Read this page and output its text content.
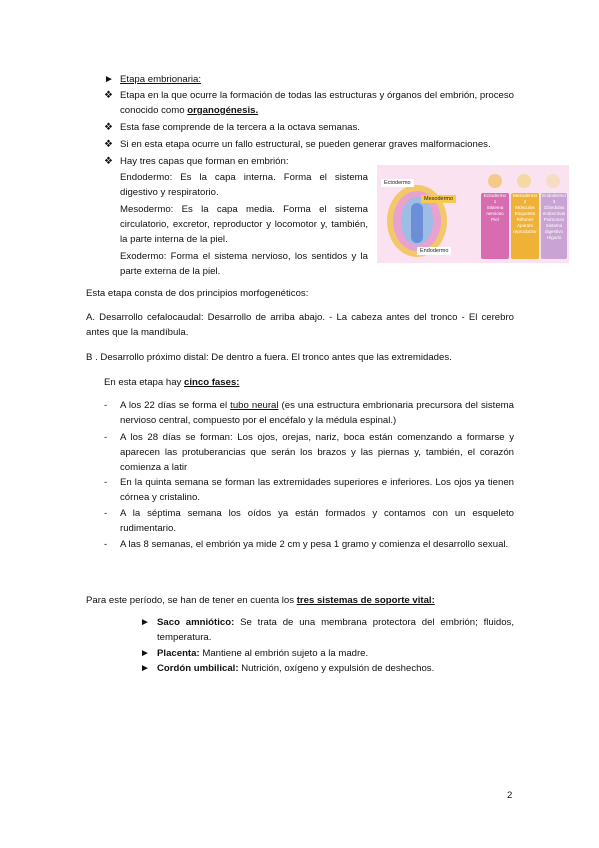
► Etapa embrionaria:
❖ Etapa en la que ocurre la formación de todas las estructuras y órganos del embrión, proceso conocido como organogénesis.
❖ Esta fase comprende de la tercera a la octava semanas.
❖ Si en esta etapa ocurre un fallo estructural, se pueden generar graves malformaciones.
❖ Hay tres capas que forman en embrión:
Endodermo: Es la capa interna. Forma el sistema digestivo y respiratorio.
Mesodermo: Es la capa media. Forma el sistema circulatorio, excretor, reproductor y locomotor y, también, la parte interna de la piel.
Exodermo: Forma el sistema nervioso, los sentidos y la parte externa de la piel.
Ectodermo
Mesodermo
Endodermo
Ectodermo
1
Sistema
nervioso
Piel
Mesodermo
2
Músculos
Esqueleto
Riñones
Aparato
reproductor
Endodermo
3
Glándulas
endocrinas
Pulmones
Sistema
digestivo
Hígado
Esta etapa consta de dos principios morfogenéticos:
A. Desarrollo cefalocaudal: Desarrollo de arriba abajo. - La cabeza antes del tronco - El cerebro antes que la mandíbula.
B . Desarrollo próximo distal: De dentro a fuera. El tronco antes que las extremidades.
En esta etapa hay cinco fases:
- A los 22 días se forma el tubo neural (es una estructura embrionaria precursora del sistema nervioso central, compuesto por el encéfalo y la médula espinal.)
- A los 28 días se forman: Los ojos, orejas, nariz, boca están comenzando a formarse y aparecen las protuberancias que serán los brazos y las piernas y, también, el corazón comienza a latir
- En la quinta semana se forman las extremidades superiores e inferiores. Los ojos ya tienen córnea y cristalino.
- A la séptima semana los oídos ya están formados y contamos con un esqueleto rudimentario.
- A las 8 semanas, el embrión ya mide 2 cm y pesa 1 gramo y comienza el desarrollo sexual.
Para este período, se han de tener en cuenta los tres sistemas de soporte vital:
► Saco amniótico: Se trata de una membrana protectora del embrión; fluidos, temperatura.
► Placenta: Mantiene al embrión sujeto a la madre.
► Cordón umbilical: Nutrición, oxígeno y expulsión de deshechos.
2
